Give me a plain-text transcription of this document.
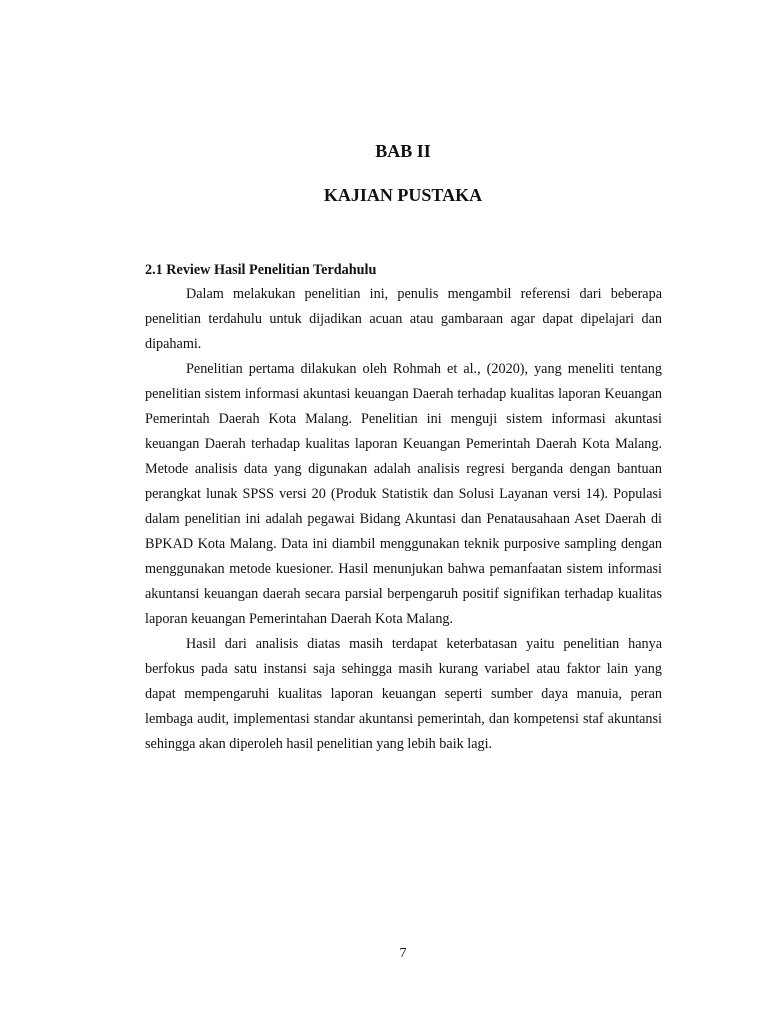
BAB II
KAJIAN PUSTAKA

2.1 Review Hasil Penelitian Terdahulu

Dalam melakukan penelitian ini, penulis mengambil referensi dari beberapa penelitian terdahulu untuk dijadikan acuan atau gambaraan agar dapat dipelajari dan dipahami.

Penelitian pertama dilakukan oleh Rohmah et al., (2020), yang meneliti tentang penelitian sistem informasi akuntasi keuangan Daerah terhadap kualitas laporan Keuangan Pemerintah Daerah Kota Malang. Penelitian ini menguji sistem informasi akuntasi keuangan Daerah terhadap kualitas laporan Keuangan Pemerintah Daerah Kota Malang. Metode analisis data yang digunakan adalah analisis regresi berganda dengan bantuan perangkat lunak SPSS versi 20 (Produk Statistik dan Solusi Layanan versi 14). Populasi dalam penelitian ini adalah pegawai Bidang Akuntasi dan Penatausahaan Aset Daerah di BPKAD Kota Malang. Data ini diambil menggunakan teknik purposive sampling dengan menggunakan metode kuesioner. Hasil menunjukan bahwa pemanfaatan sistem informasi akuntansi keuangan daerah secara parsial berpengaruh positif signifikan terhadap kualitas laporan keuangan Pemerintahan Daerah Kota Malang.

Hasil dari analisis diatas masih terdapat keterbatasan yaitu penelitian hanya berfokus pada satu instansi saja sehingga masih kurang variabel atau faktor lain yang dapat mempengaruhi kualitas laporan keuangan seperti sumber daya manuia, peran lembaga audit, implementasi standar akuntansi pemerintah, dan kompetensi staf akuntansi sehingga akan diperoleh hasil penelitian yang lebih baik lagi.

7
